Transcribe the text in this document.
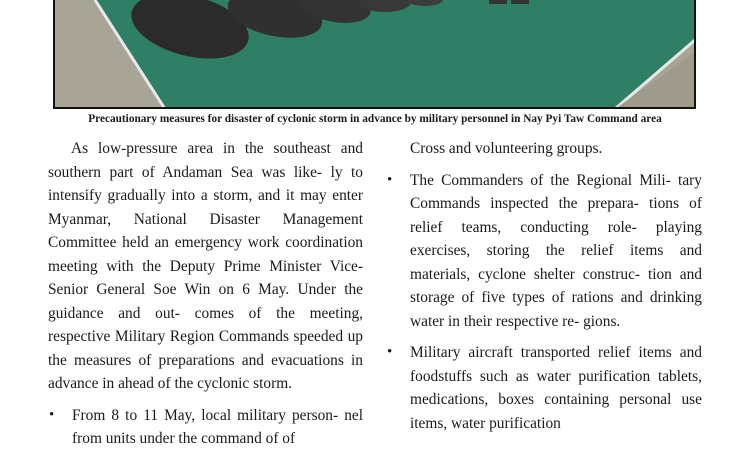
Precautionary measures for disaster of cyclonic storm in advance by military personnel in Nay Pyi Taw Command area

As low-pressure area in the southeast and southern part of Andaman Sea was like- ly to intensify gradually into a storm, and it may enter Myanmar, National Disaster Management Committee held an emergency work coordination meeting with the Deputy Prime Minister Vice-Senior General Soe Win on 6 May. Under the guidance and out- comes of the meeting, respective Military Region Commands speeded up the measures of preparations and evacuations in advance in ahead of the cyclonic storm.

• From 8 to 11 May, local military person- nel from units under the command of of

Cross and volunteering groups.

• The Commanders of the Regional Mili- tary Commands inspected the prepara- tions of relief teams, conducting role- playing exercises, storing the relief items and materials, cyclone shelter construc- tion and storage of five types of rations and drinking water in their respective re- gions.

• Military aircraft transported relief items and foodstuffs such as water purification tablets, medications, boxes containing personal use items, water purification
